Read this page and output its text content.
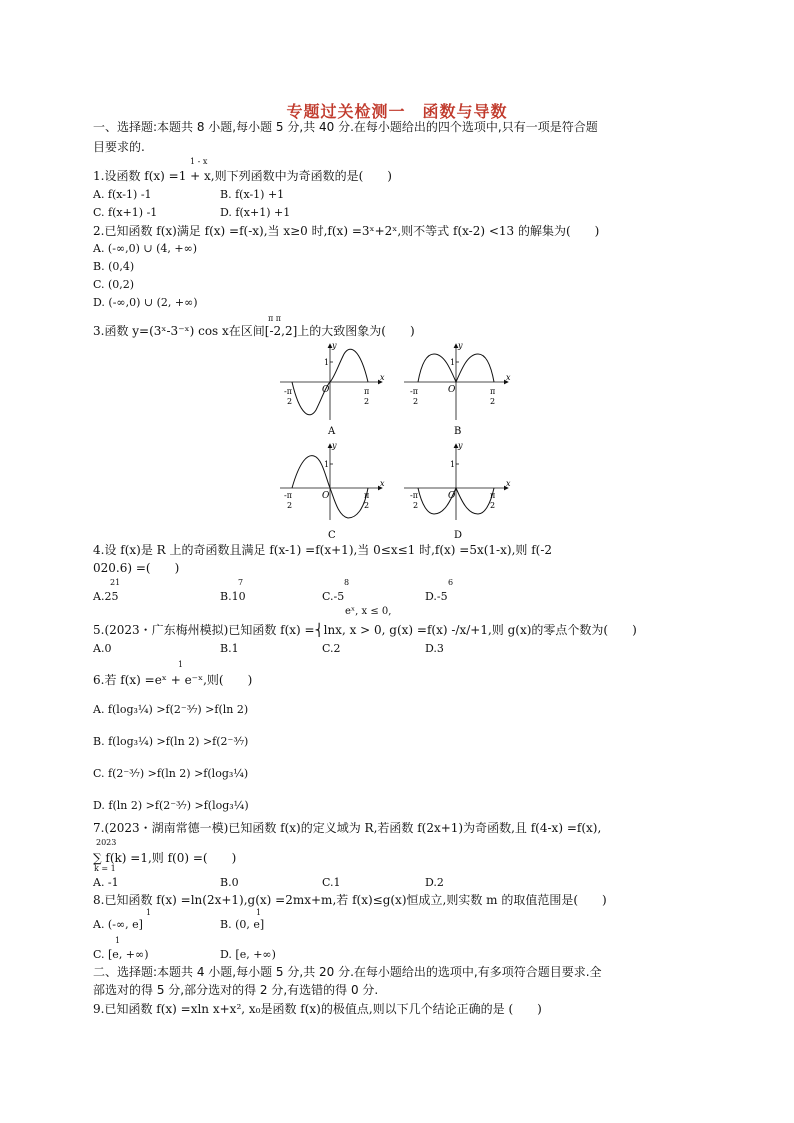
专题过关检测一　函数与导数
一、选择题:本题共 8 小题,每小题 5 分,共 40 分.在每小题给出的四个选项中,只有一项是符合题
目要求的.
1 - x
1.设函数 f(x) =1 + x,则下列函数中为奇函数的是(　　)
A. f(x-1) -1	B. f(x-1) +1
C. f(x+1) -1	D. f(x+1) +1
2.已知函数 f(x)满足 f(x) =f(-x),当 x≥0 时,f(x) =3ˣ+2ˣ,则不等式 f(x-2) <13 的解集为(　　)
A. (-∞,0) ∪ (4, +∞)
B. (0,4)
C. (0,2)
D. (-∞,0) ∪ (2, +∞)
π π
3.函数 y=(3ˣ-3⁻ˣ) cos x在区间[-2,2]上的大致图象为(　　)
1
O
y
x
-π
2
π
2
A
1
O
y
x
-π
2
π
2
B
1
O
y
x
-π
2
π
2
C
1
O
y
x
-π
2
π
2
D
4.设 f(x)是 R 上的奇函数且满足 f(x-1) =f(x+1),当 0≤x≤1 时,f(x) =5x(1-x),则 f(-2
020.6) =(　　)
21	7	8	6
A.25	B.10	C.-5	D.-5
eˣ, x ≤ 0,
5.(2023・广东梅州模拟)已知函数 f(x) =⎨lnx, x > 0, g(x) =f(x) -/x/+1,则 g(x)的零点个数为(　　)
A.0	B.1	C.2	D.3
1
6.若 f(x) =eˣ + e⁻ˣ,则(　　)
A. f(log₃¼) >f(2⁻³⁄₇) >f(ln 2)
B. f(log₃¼) >f(ln 2) >f(2⁻³⁄₇)
C. f(2⁻³⁄₇) >f(ln 2) >f(log₃¼)
D. f(ln 2) >f(2⁻³⁄₇) >f(log₃¼)
7.(2023・湖南常德一模)已知函数 f(x)的定义域为 R,若函数 f(2x+1)为奇函数,且 f(4-x) =f(x),
2023
∑ f(k) =1,则 f(0) =(　　)
k = 1
A. -1	B.0	C.1	D.2
8.已知函数 f(x) =ln(2x+1),g(x) =2mx+m,若 f(x)≤g(x)恒成立,则实数 m 的取值范围是(　　)
1	1
A. (-∞, e]	B. (0, e]
1
C. [e, +∞)	D. [e, +∞)
二、选择题:本题共 4 小题,每小题 5 分,共 20 分.在每小题给出的选项中,有多项符合题目要求.全
部选对的得 5 分,部分选对的得 2 分,有选错的得 0 分.
9.已知函数 f(x) =xln x+x², x₀是函数 f(x)的极值点,则以下几个结论正确的是 (　　)
